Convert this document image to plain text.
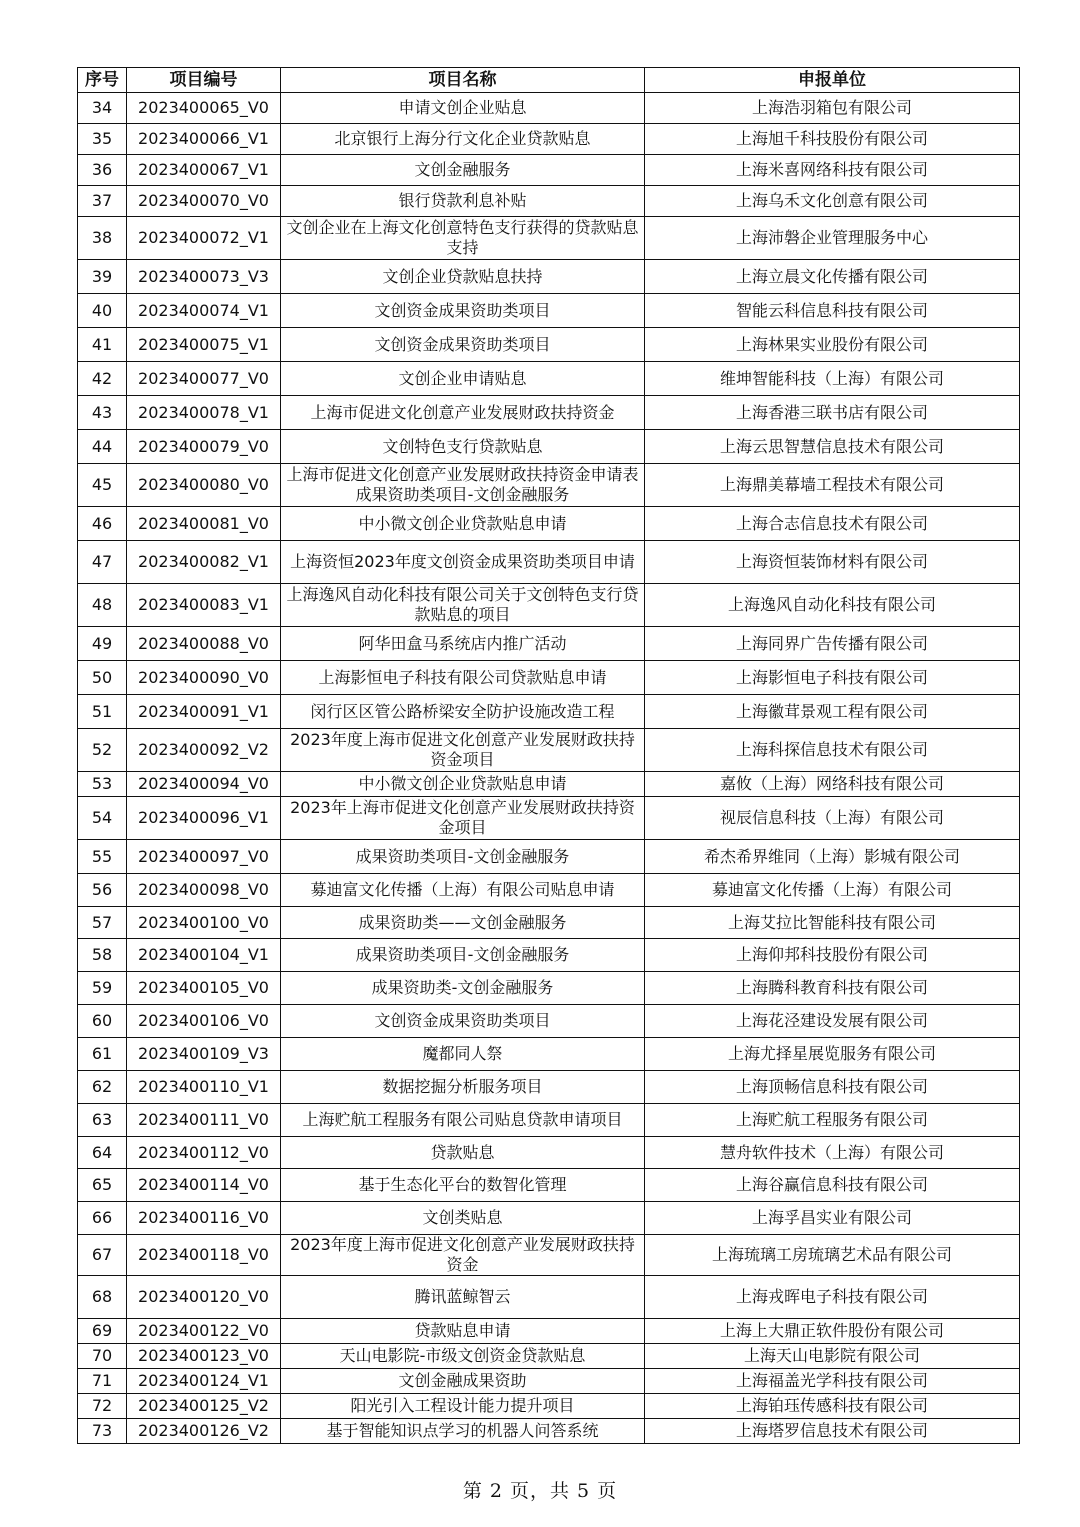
序号	项目编号	项目名称	申报单位
34	2023400065_V0	申请文创企业贴息	上海浩羽箱包有限公司
35	2023400066_V1	北京银行上海分行文化企业贷款贴息	上海旭千科技股份有限公司
36	2023400067_V1	文创金融服务	上海米喜网络科技有限公司
37	2023400070_V0	银行贷款利息补贴	上海乌禾文化创意有限公司
38	2023400072_V1	文创企业在上海文化创意特色支行获得的贷款贴息支持	上海沛磐企业管理服务中心
39	2023400073_V3	文创企业贷款贴息扶持	上海立晨文化传播有限公司
40	2023400074_V1	文创资金成果资助类项目	智能云科信息科技有限公司
41	2023400075_V1	文创资金成果资助类项目	上海林果实业股份有限公司
42	2023400077_V0	文创企业申请贴息	维坤智能科技（上海）有限公司
43	2023400078_V1	上海市促进文化创意产业发展财政扶持资金	上海香港三联书店有限公司
44	2023400079_V0	文创特色支行贷款贴息	上海云思智慧信息技术有限公司
45	2023400080_V0	上海市促进文化创意产业发展财政扶持资金申请表成果资助类项目-文创金融服务	上海鼎美幕墙工程技术有限公司
46	2023400081_V0	中小微文创企业贷款贴息申请	上海合志信息技术有限公司
47	2023400082_V1	上海资恒2023年度文创资金成果资助类项目申请	上海资恒装饰材料有限公司
48	2023400083_V1	上海逸风自动化科技有限公司关于文创特色支行贷款贴息的项目	上海逸风自动化科技有限公司
49	2023400088_V0	阿华田盒马系统店内推广活动	上海同界广告传播有限公司
50	2023400090_V0	上海影恒电子科技有限公司贷款贴息申请	上海影恒电子科技有限公司
51	2023400091_V1	闵行区区管公路桥梁安全防护设施改造工程	上海徽茸景观工程有限公司
52	2023400092_V2	2023年度上海市促进文化创意产业发展财政扶持资金项目	上海科探信息技术有限公司
53	2023400094_V0	中小微文创企业贷款贴息申请	嘉攸（上海）网络科技有限公司
54	2023400096_V1	2023年上海市促进文化创意产业发展财政扶持资金项目	视辰信息科技（上海）有限公司
55	2023400097_V0	成果资助类项目-文创金融服务	希杰希界维同（上海）影城有限公司
56	2023400098_V0	募迪富文化传播（上海）有限公司贴息申请	募迪富文化传播（上海）有限公司
57	2023400100_V0	成果资助类——文创金融服务	上海艾拉比智能科技有限公司
58	2023400104_V1	成果资助类项目-文创金融服务	上海仰邦科技股份有限公司
59	2023400105_V0	成果资助类-文创金融服务	上海腾科教育科技有限公司
60	2023400106_V0	文创资金成果资助类项目	上海花泾建设发展有限公司
61	2023400109_V3	魔都同人祭	上海尤择星展览服务有限公司
62	2023400110_V1	数据挖掘分析服务项目	上海顶畅信息科技有限公司
63	2023400111_V0	上海贮航工程服务有限公司贴息贷款申请项目	上海贮航工程服务有限公司
64	2023400112_V0	贷款贴息	慧舟软件技术（上海）有限公司
65	2023400114_V0	基于生态化平台的数智化管理	上海谷赢信息科技有限公司
66	2023400116_V0	文创类贴息	上海孚昌实业有限公司
67	2023400118_V0	2023年度上海市促进文化创意产业发展财政扶持资金	上海琉璃工房琉璃艺术品有限公司
68	2023400120_V0	腾讯蓝鲸智云	上海戎晖电子科技有限公司
69	2023400122_V0	贷款贴息申请	上海上大鼎正软件股份有限公司
70	2023400123_V0	天山电影院-市级文创资金贷款贴息	上海天山电影院有限公司
71	2023400124_V1	文创金融成果资助	上海福盖光学科技有限公司
72	2023400125_V2	阳光引入工程设计能力提升项目	上海铂珏传感科技有限公司
73	2023400126_V2	基于智能知识点学习的机器人问答系统	上海塔罗信息技术有限公司
第 2 页，共 5 页
